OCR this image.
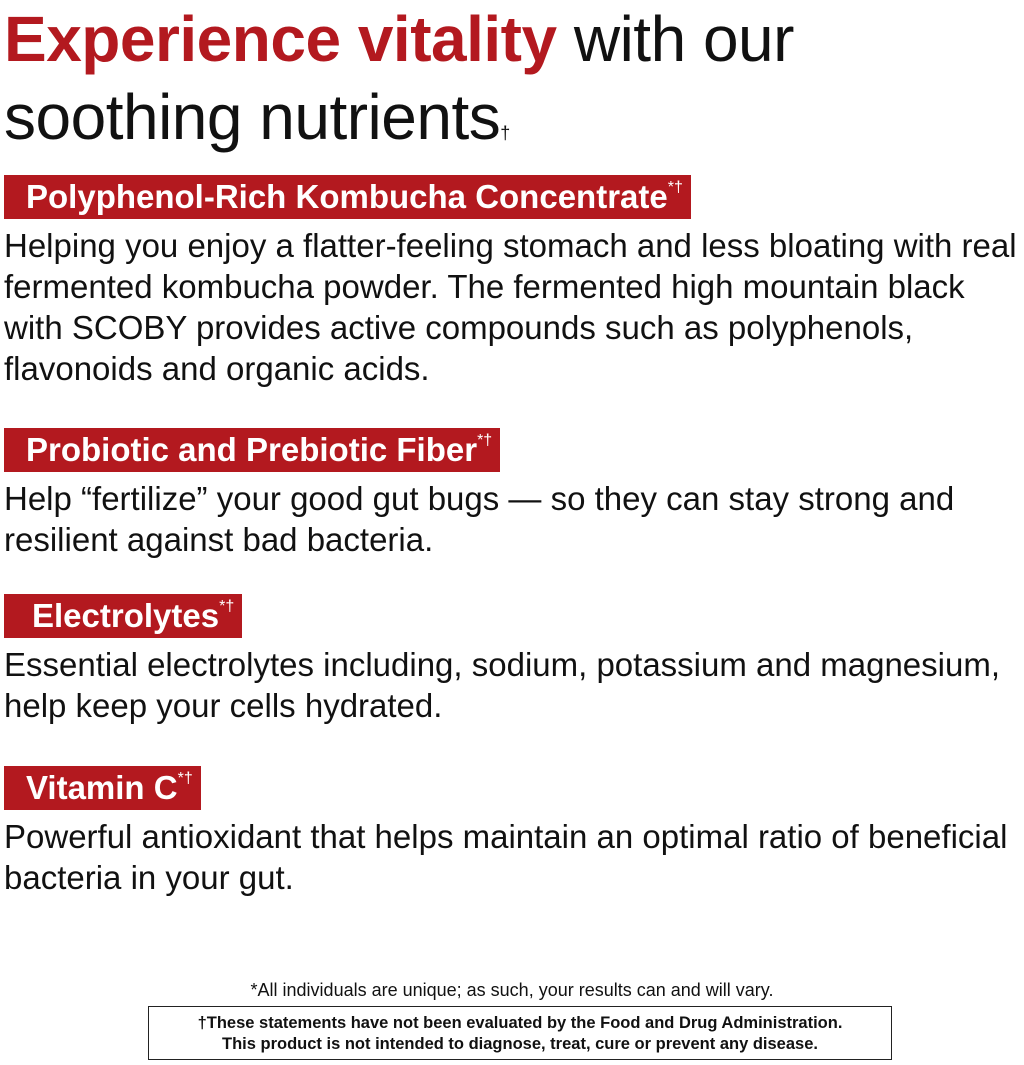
Experience vitality with our
soothing nutrients†
Polyphenol-Rich Kombucha Concentrate*†
Helping you enjoy a flatter-feeling stomach and less bloating with real fermented kombucha powder. The fermented high mountain black with SCOBY provides active compounds such as polyphenols, flavonoids and organic acids.
Probiotic and Prebiotic Fiber*†
Help “fertilize” your good gut bugs — so they can stay strong and resilient against bad bacteria.
Electrolytes*†
Essential electrolytes including, sodium, potassium and magnesium, help keep your cells hydrated.
Vitamin C*†
Powerful antioxidant that helps maintain an optimal ratio of beneficial bacteria in your gut.
*All individuals are unique; as such, your results can and will vary.
†These statements have not been evaluated by the Food and Drug Administration.
This product is not intended to diagnose, treat, cure or prevent any disease.
